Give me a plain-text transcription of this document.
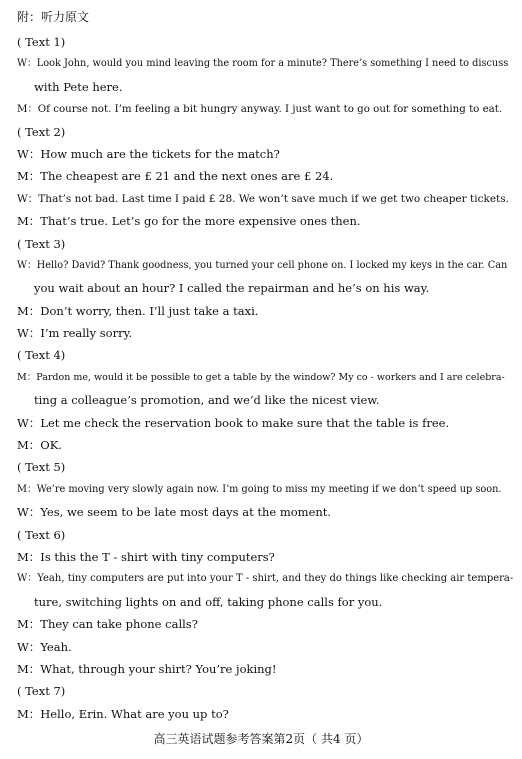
附：听力原文
( Text 1)
W：Look John, would you mind leaving the room for a minute? There’s something I need to discuss
with Pete here.
M：Of course not. I’m feeling a bit hungry anyway. I just want to go out for something to eat.
( Text 2)
W：How much are the tickets for the match?
M：The cheapest are £ 21 and the next ones are £ 24.
W：That’s not bad. Last time I paid £ 28. We won’t save much if we get two cheaper tickets.
M：That’s true. Let’s go for the more expensive ones then.
( Text 3)
W：Hello? David? Thank goodness, you turned your cell phone on. I locked my keys in the car. Can
you wait about an hour? I called the repairman and he’s on his way.
M：Don’t worry, then. I’ll just take a taxi.
W：I’m really sorry.
( Text 4)
M：Pardon me, would it be possible to get a table by the window? My co - workers and I are celebra-
ting a colleague’s promotion, and we’d like the nicest view.
W：Let me check the reservation book to make sure that the table is free.
M：OK.
( Text 5)
M：We’re moving very slowly again now. I’m going to miss my meeting if we don’t speed up soon.
W：Yes, we seem to be late most days at the moment.
( Text 6)
M：Is this the T - shirt with tiny computers?
W：Yeah, tiny computers are put into your T - shirt, and they do things like checking air tempera-
ture, switching lights on and off, taking phone calls for you.
M：They can take phone calls?
W：Yeah.
M：What, through your shirt? You’re joking!
( Text 7)
M：Hello, Erin. What are you up to?
高三英语试题参考答案第2页（ 共4 页）
